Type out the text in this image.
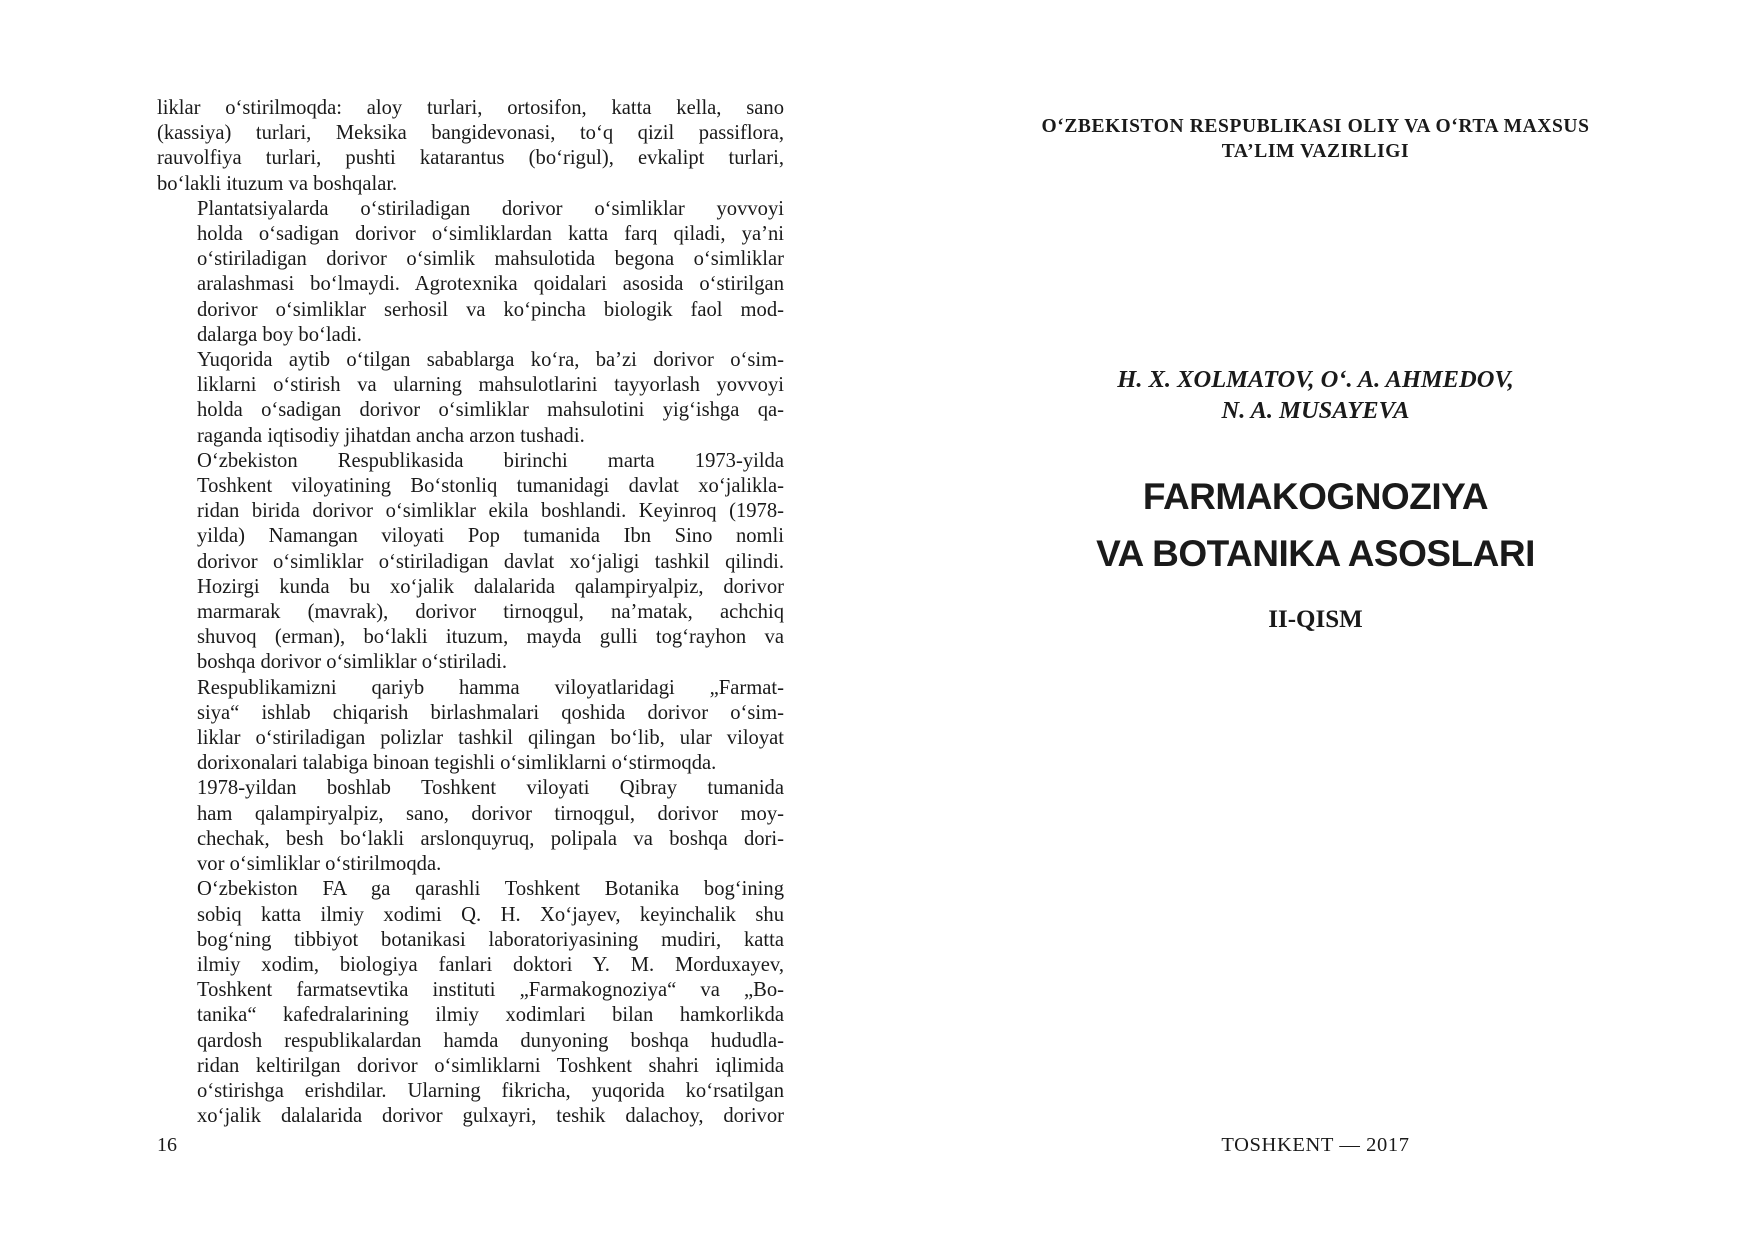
liklar o‘stirilmoqda: aloy turlari, ortosifon, katta kella, sano
(kassiya) turlari, Meksika bangidevonasi, to‘q qizil passiflora,
rauvolfiya turlari, pushti katarantus (bo‘rigul), evkalipt turlari,
bo‘lakli ituzum va boshqalar.
Plantatsiyalarda o‘stiriladigan dorivor o‘simliklar yovvoyi
holda o‘sadigan dorivor o‘simliklardan katta farq qiladi, ya’ni
o‘stiriladigan dorivor o‘simlik mahsulotida begona o‘simliklar
aralashmasi bo‘lmaydi. Agrotexnika qoidalari asosida o‘stirilgan
dorivor o‘simliklar serhosil va ko‘pincha biologik faol mod-
dalarga boy bo‘ladi.
Yuqorida aytib o‘tilgan sabablarga ko‘ra, ba’zi dorivor o‘sim-
liklarni o‘stirish va ularning mahsulotlarini tayyorlash yovvoyi
holda o‘sadigan dorivor o‘simliklar mahsulotini yig‘ishga qa-
raganda iqtisodiy jihatdan ancha arzon tushadi.
O‘zbekiston Respublikasida birinchi marta 1973-yilda
Toshkent viloyatining Bo‘stonliq tumanidagi davlat xo‘jalikla-
ridan birida dorivor o‘simliklar ekila boshlandi. Keyinroq (1978-
yilda) Namangan viloyati Pop tumanida Ibn Sino nomli
dorivor o‘simliklar o‘stiriladigan davlat xo‘jaligi tashkil qilindi.
Hozirgi kunda bu xo‘jalik dalalarida qalampiryalpiz, dorivor
marmarak (mavrak), dorivor tirnoqgul, na’matak, achchiq
shuvoq (erman), bo‘lakli ituzum, mayda gulli tog‘rayhon va
boshqa dorivor o‘simliklar o‘stiriladi.
Respublikamizni qariyb hamma viloyatlaridagi „Farmat-
siya“ ishlab chiqarish birlashmalari qoshida dorivor o‘sim-
liklar o‘stiriladigan polizlar tashkil qilingan bo‘lib, ular viloyat
dorixonalari talabiga binoan tegishli o‘simliklarni o‘stirmoqda.
1978-yildan boshlab Toshkent viloyati Qibray tumanida
ham qalampiryalpiz, sano, dorivor tirnoqgul, dorivor moy-
chechak, besh bo‘lakli arslonquyruq, polipala va boshqa dori-
vor o‘simliklar o‘stirilmoqda.
O‘zbekiston FA ga qarashli Toshkent Botanika bog‘ining
sobiq katta ilmiy xodimi Q. H. Xo‘jayev, keyinchalik shu
bog‘ning tibbiyot botanikasi laboratoriyasining mudiri, katta
ilmiy xodim, biologiya fanlari doktori Y. M. Morduxayev,
Toshkent farmatsevtika instituti „Farmakognoziya“ va „Bo-
tanika“ kafedralarining ilmiy xodimlari bilan hamkorlikda
qardosh respublikalardan hamda dunyoning boshqa hududla-
ridan keltirilgan dorivor o‘simliklarni Toshkent shahri iqlimida
o‘stirishga erishdilar. Ularning fikricha, yuqorida ko‘rsatilgan
xo‘jalik dalalarida dorivor gulxayri, teshik dalachoy, dorivor
16
O‘ZBEKISTON RESPUBLIKASI OLIY VA O‘RTA MAXSUS
TA’LIM VAZIRLIGI
H. X. XOLMATOV, O‘. A. AHMEDOV,
N. A. MUSAYEVA
FARMAKOGNOZIYA
VA BOTANIKA ASOSLARI
II-QISM
TOSHKENT — 2017
